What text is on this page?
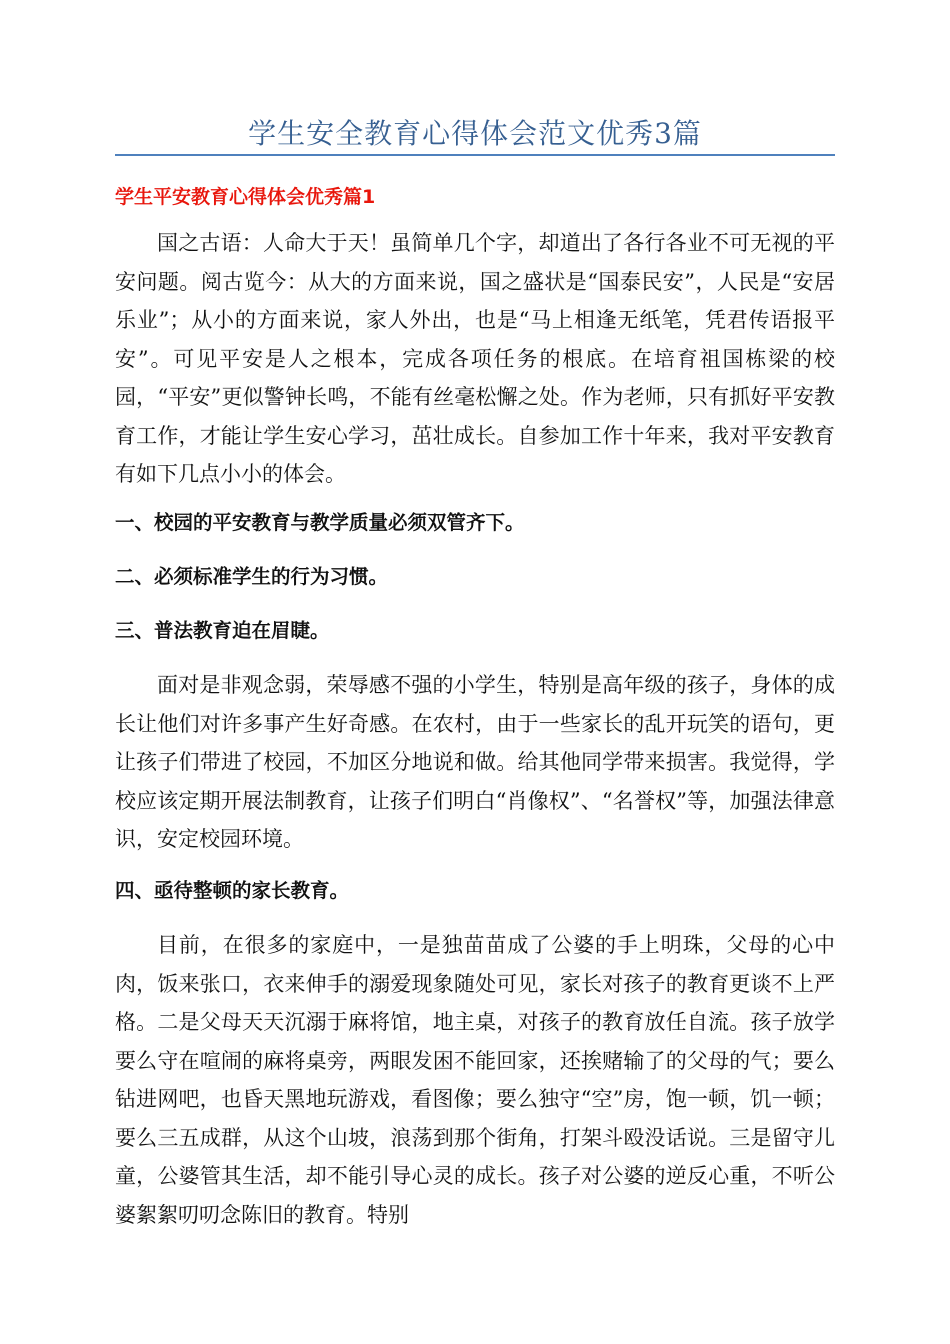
学生安全教育心得体会范文优秀3篇
学生平安教育心得体会优秀篇1

国之古语：人命大于天！虽简单几个字，却道出了各行各业不可无视的平安问题。阅古览今：从大的方面来说，国之盛状是“国泰民安”，人民是“安居乐业”；从小的方面来说，家人外出，也是“马上相逢无纸笔，凭君传语报平安”。可见平安是人之根本，完成各项任务的根底。在培育祖国栋梁的校园，“平安”更似警钟长鸣，不能有丝毫松懈之处。作为老师，只有抓好平安教育工作，才能让学生安心学习，茁壮成长。自参加工作十年来，我对平安教育有如下几点小小的体会。

一、校园的平安教育与教学质量必须双管齐下。
二、必须标准学生的行为习惯。
三、普法教育迫在眉睫。

面对是非观念弱，荣辱感不强的小学生，特别是高年级的孩子，身体的成长让他们对许多事产生好奇感。在农村，由于一些家长的乱开玩笑的语句，更让孩子们带进了校园，不加区分地说和做。给其他同学带来损害。我觉得，学校应该定期开展法制教育，让孩子们明白“肖像权”、“名誉权”等，加强法律意识，安定校园环境。

四、亟待整顿的家长教育。

目前，在很多的家庭中，一是独苗苗成了公婆的手上明珠，父母的心中肉，饭来张口，衣来伸手的溺爱现象随处可见，家长对孩子的教育更谈不上严格。二是父母天天沉溺于麻将馆，地主桌，对孩子的教育放任自流。孩子放学要么守在喧闹的麻将桌旁，两眼发困不能回家，还挨赌输了的父母的气；要么钻进网吧，也昏天黑地玩游戏，看图像；要么独守“空”房，饱一顿，饥一顿；要么三五成群，从这个山坡，浪荡到那个街角，打架斗殴没话说。三是留守儿童，公婆管其生活，却不能引导心灵的成长。孩子对公婆的逆反心重，不听公婆絮絮叨叨念陈旧的教育。特别
